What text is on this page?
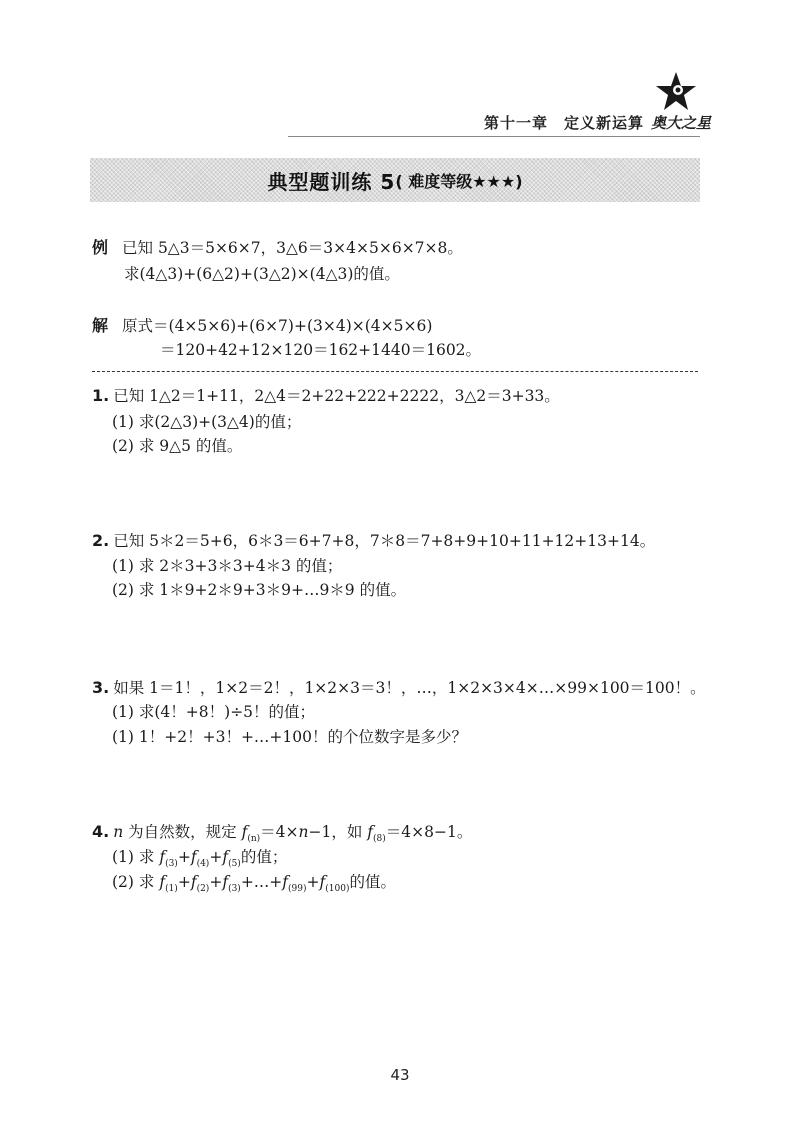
第十一章　定义新运算 奥大之星
典型题训练 5 ( 难度等级★★★)
例 已知 5△3＝5×6×7，3△6＝3×4×5×6×7×8。
求(4△3)+(6△2)+(3△2)×(4△3)的值。
解 原式＝(4×5×6)+(6×7)+(3×4)×(4×5×6)
＝120+42+12×120＝162+1440＝1602。
1. 已知 1△2＝1+11，2△4＝2+22+222+2222，3△2＝3+33。
(1) 求(2△3)+(3△4)的值；
(2) 求 9△5 的值。
2. 已知 5＊2＝5+6，6＊3＝6+7+8，7＊8＝7+8+9+10+11+12+13+14。
(1) 求 2＊3+3＊3+4＊3 的值；
(2) 求 1＊9+2＊9+3＊9+…9＊9 的值。
3. 如果 1＝1！，1×2＝2！，1×2×3＝3！，…，1×2×3×4×…×99×100＝100！。
(1) 求(4！+8！)÷5！的值；
(1) 1！+2！+3！+…+100！的个位数字是多少？
4. n 为自然数，规定 $f_{(n)}=4\times n-1$，如 $f_{(8)}=4\times 8-1$。
(1) 求 $f_{(3)}+f_{(4)}+f_{(5)}$的值；
(2) 求 $f_{(1)}+f_{(2)}+f_{(3)}+\dots+f_{(99)}+f_{(100)}$的值。
43
